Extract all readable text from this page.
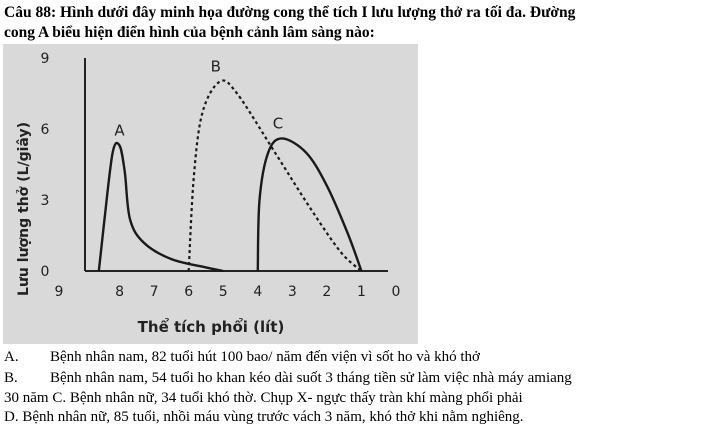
Câu 88: Hình dưới đây minh họa đường cong thể tích I lưu lượng thở ra tối đa. Đường
cong A biểu hiện điển hình của bệnh cảnh lâm sàng nào:
Lưu lượng thở (L/giây)
Thể tích phổi (lít)
9
6
3
0
9	8 7 6 5 4 3 2 1 0
A
B
C
A. Bệnh nhân nam, 82 tuổi hút 100 bao/ năm đến viện vì sốt ho và khó thở
B. Bệnh nhân nam, 54 tuổi ho khan kéo dài suốt 3 tháng tiền sử làm việc nhà máy amiang
30 năm C. Bệnh nhân nữ, 34 tuổi khó thờ. Chụp X- ngực thấy tràn khí màng phổi phải
D. Bệnh nhân nữ, 85 tuổi, nhồi máu vùng trước vách 3 năm, khó thở khi nằm nghiêng.
